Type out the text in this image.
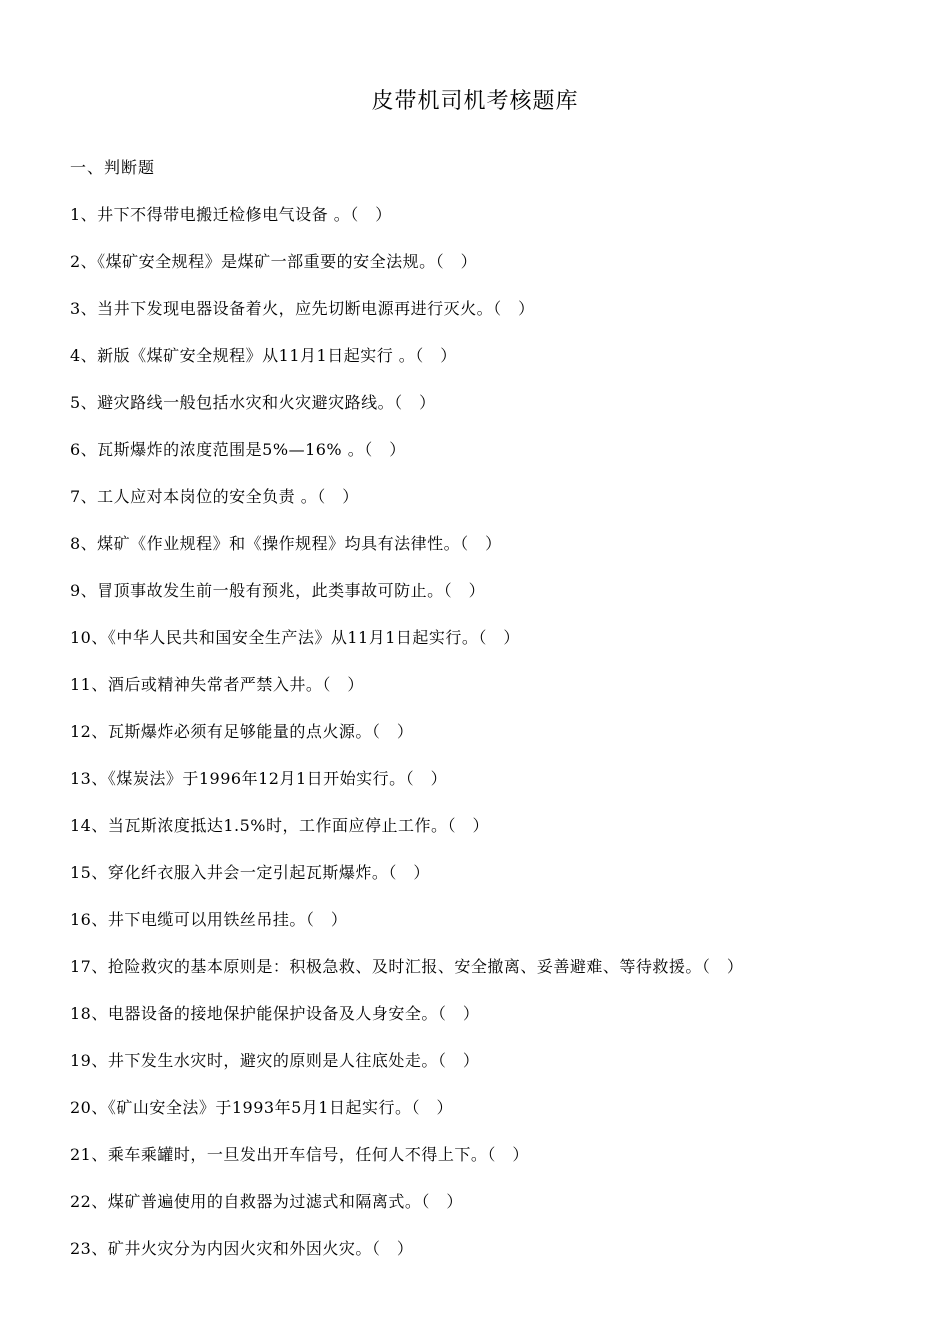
皮带机司机考核题库
一、判断题
1、井下不得带电搬迁检修电气设备 。（　）
2、《煤矿安全规程》是煤矿一部重要的安全法规。（　）
3、当井下发现电器设备着火，应先切断电源再进行灭火。（　）
4、新版《煤矿安全规程》从11月1日起实行 。（　）
5、避灾路线一般包括水灾和火灾避灾路线。（　）
6、瓦斯爆炸的浓度范围是5%—16% 。（　）
7、工人应对本岗位的安全负责 。（　）
8、煤矿《作业规程》和《操作规程》均具有法律性。（　）
9、冒顶事故发生前一般有预兆，此类事故可防止。（　）
10、《中华人民共和国安全生产法》从11月1日起实行。（　）
11、酒后或精神失常者严禁入井。（　）
12、瓦斯爆炸必须有足够能量的点火源。（　）
13、《煤炭法》于1996年12月1日开始实行。（　）
14、当瓦斯浓度抵达1.5%时，工作面应停止工作。（　）
15、穿化纤衣服入井会一定引起瓦斯爆炸。（　）
16、井下电缆可以用铁丝吊挂。（　）
17、抢险救灾的基本原则是：积极急救、及时汇报、安全撤离、妥善避难、等待救援。（　）
18、电器设备的接地保护能保护设备及人身安全。（　）
19、井下发生水灾时，避灾的原则是人往底处走。（　）
20、《矿山安全法》于1993年5月1日起实行。（　）
21、乘车乘罐时，一旦发出开车信号，任何人不得上下。（　）
22、煤矿普遍使用的自救器为过滤式和隔离式。（　）
23、矿井火灾分为内因火灾和外因火灾。（　）
